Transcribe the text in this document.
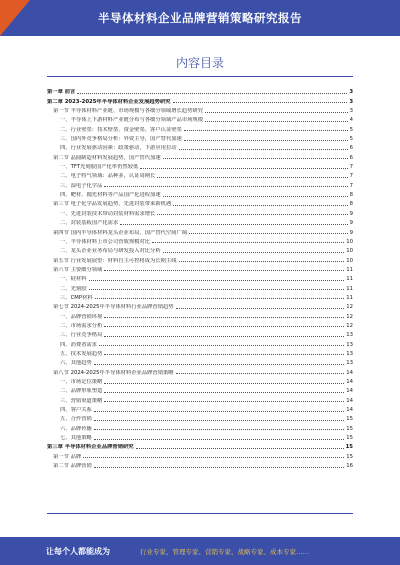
半导体材料企业品牌营销策略研究报告
内容目录
第一章 前言	3
第二章 2023-2025年半导体材料企业发展趋势研究	3
第一节 半导体材料产业链、市场规模与各细分领域增长趋势研究	3
一、半导体上下游材料产业链分布与各细分领域产品市场规模	4
二、行业壁垒：技术壁垒、资金壁垒、客户认证壁垒	5
三、国内外竞争格局分析：外资主导，国产替代加速	5
四、行业发展驱动因素：政策驱动，下游应用拉动	6
第二节 晶圆制造材料发展趋势，国产替代加速	6
一、TFT光刻胶国产化率仍然较低	7
二、电子特气领域：品种多，认证周期长	7
三、湿电子化学品	7
四、靶材、抛光材料等产品国产化进程加速	8
第三节 电子化学品发展趋势，先进封装带来新机遇	8
一、先进封装技术带动封装材料需求增长	9
二、封装基板国产化需求	9
第四节 国内半导体材料龙头企业布局，国产替代空间广阔	9
一、半导体材料上市公司营收规模对比	10
二、龙头企业业务布局与研发投入对比分析	10
第五节 行业发展展望：材料自主可控将成为长期主线	10
第六节 主要细分领域	11
一、硅材料	11
二、光刻胶	11
三、CMP材料	11
第七节 2024-2025年半导体材料行业品牌营销趋势	12
一、品牌营销环境	12
二、市场需求分析	12
三、行业竞争格局	13
四、消费者需求	13
五、技术发展趋势	13
六、其他趋势	13
第八节 2024-2025年半导体材料企业品牌营销策略	14
一、市场定位策略	14
二、品牌形象塑造	14
三、营销渠道策略	14
四、客户关系	14
五、合作营销	15
六、品牌传播	15
七、其他策略	15
第三章 半导体材料企业品牌营销研究	15
第一节 品牌	15
第二节 品牌营销	16
让每个人都能成为	行业专家、管理专家、营销专家、战略专家、成本专家……
